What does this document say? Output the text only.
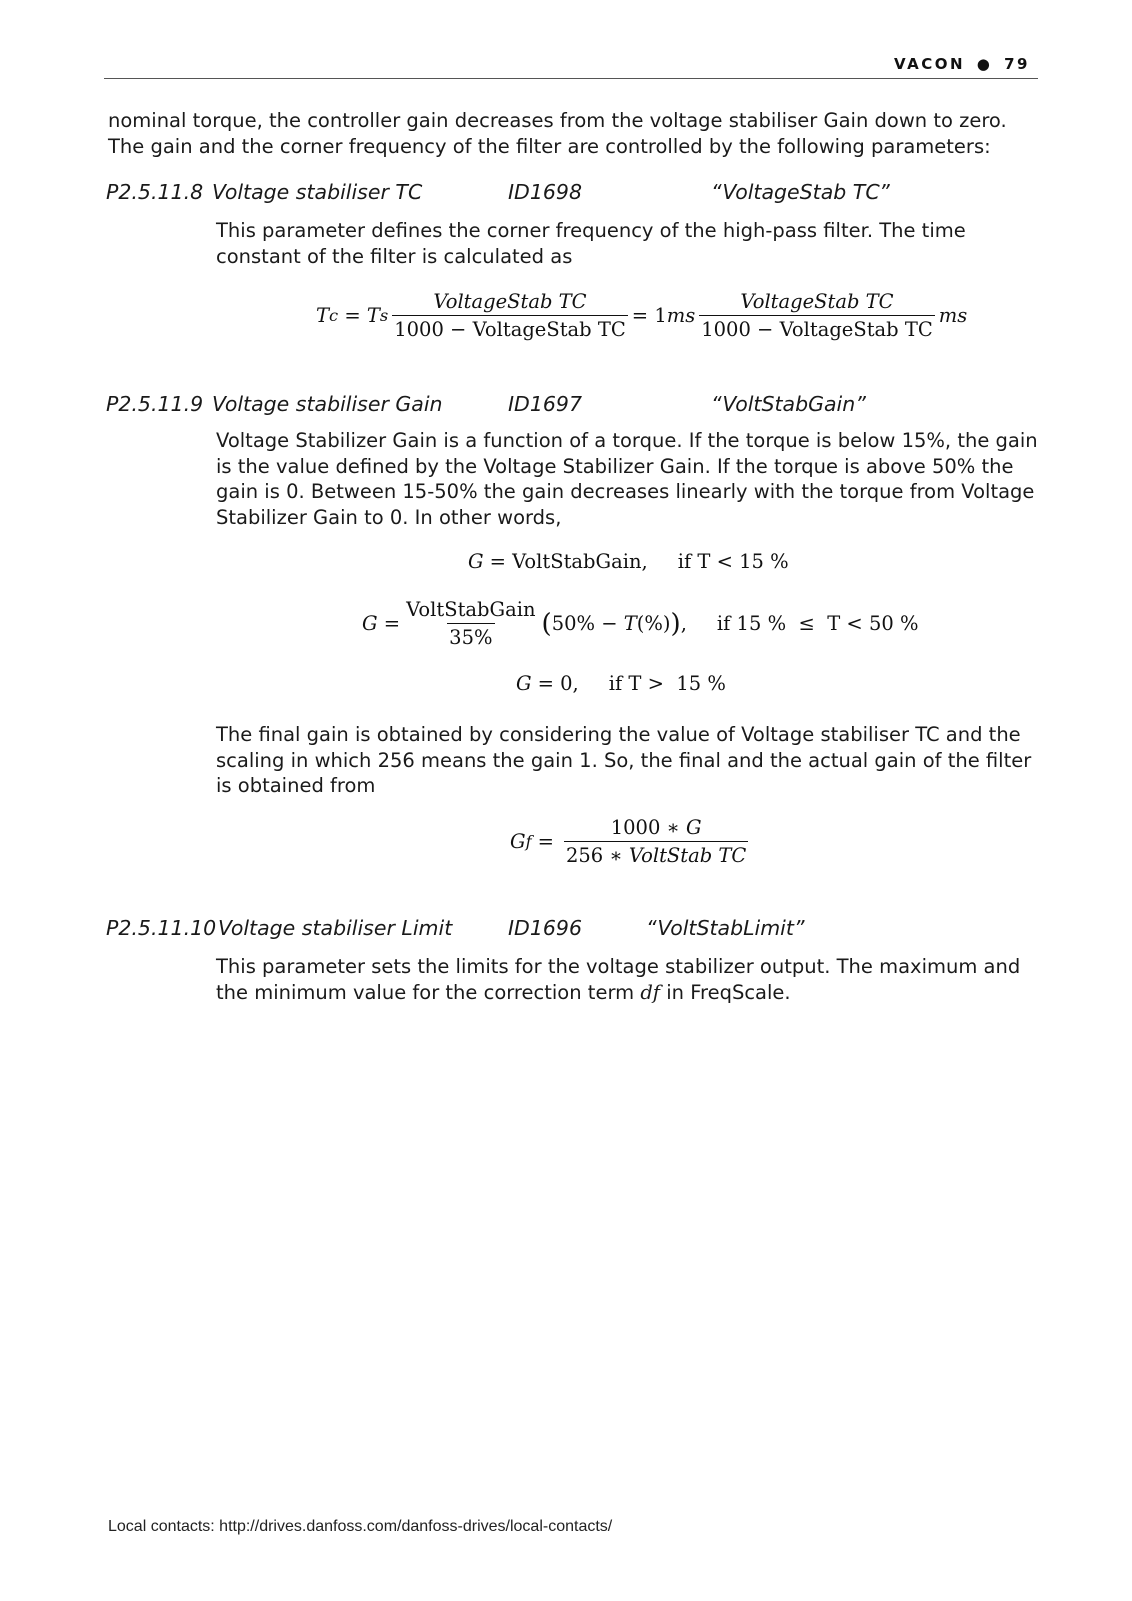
VACON ● 79
nominal torque, the controller gain decreases from the voltage stabiliser Gain down to zero. The gain and the corner frequency of the filter are controlled by the following parameters:
P2.5.11.8 Voltage stabiliser TC	ID1698	“VoltageStab TC”
This parameter defines the corner frequency of the high-pass filter. The time constant of the filter is calculated as
T c = T s $\frac{\text{VoltageStab TC}}{\text{1000 − VoltageStab TC}} = 1$ ms $\frac{\text{VoltageStab TC}}{\text{1000 − VoltageStab TC}}$ ms
P2.5.11.9 Voltage stabiliser Gain	ID1697	“VoltStabGain”
Voltage Stabilizer Gain is a function of a torque. If the torque is below 15%, the gain is the value defined by the Voltage Stabilizer Gain. If the torque is above 50% the gain is 0. Between 15-50% the gain decreases linearly with the torque from Voltage Stabilizer Gain to 0. In other words,
G = VoltStabGain, if T < 15 %
$G = \frac{\text{VoltStabGain}}{35\%}$ ( 50% − T (%) ) , if 15 %  ≤  T < 50 %
G = 0, if T >  15 %
The final gain is obtained by considering the value of Voltage stabiliser TC and the scaling in which 256 means the gain 1. So, the final and the actual gain of the filter is obtained from
G $f = \frac{1000 ∗ G}{\text{256 ∗ VoltStab TC}}$
P2.5.11.10 Voltage stabiliser Limit	ID1696	“VoltStabLimit”
This parameter sets the limits for the voltage stabilizer output. The maximum and the minimum value for the correction term df in FreqScale.
Local contacts: http://drives.danfoss.com/danfoss-drives/local-contacts/
